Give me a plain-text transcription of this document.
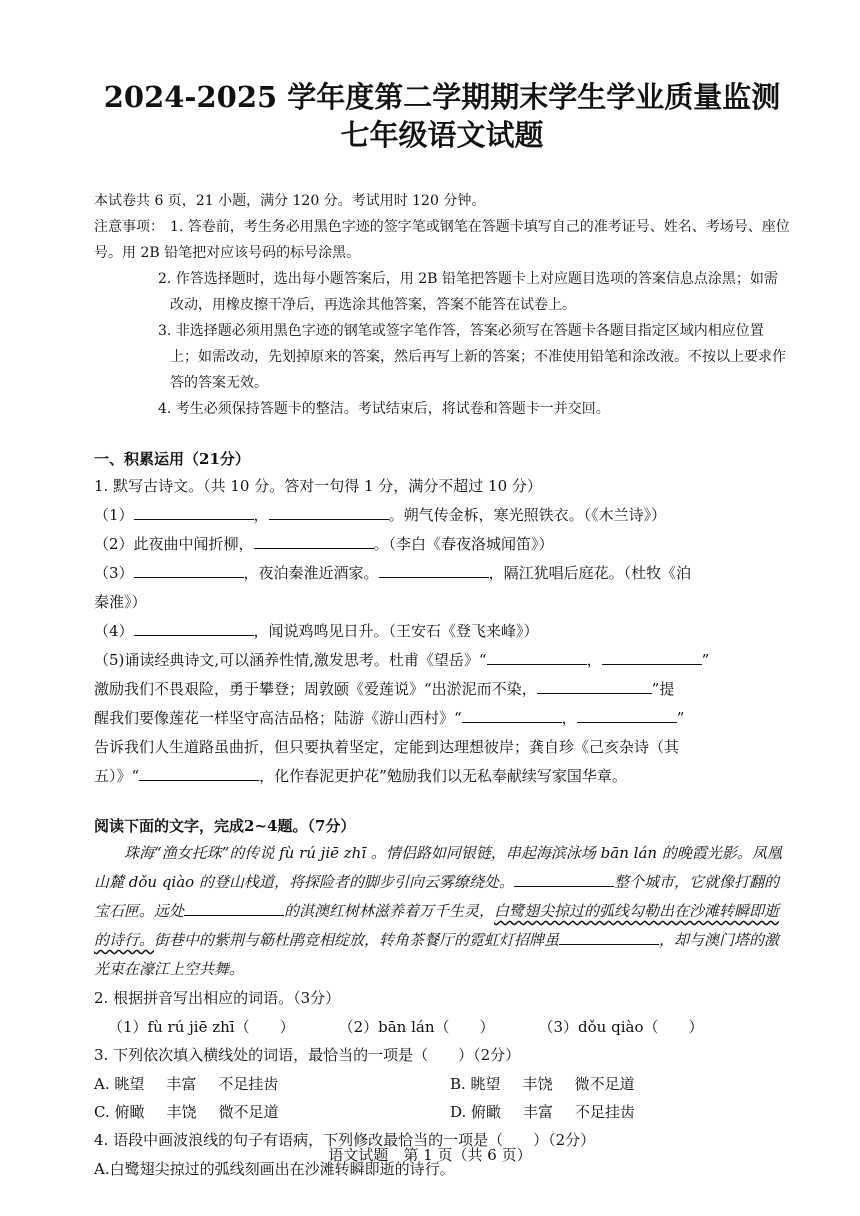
2024-2025 学年度第二学期期末学生学业质量监测
七年级语文试题
本试卷共 6 页，21 小题，满分 120 分。考试用时 120 分钟。
注意事项： 1. 答卷前，考生务必用黑色字迹的签字笔或钢笔在答题卡填写自己的准考证号、姓名、考场号、座位号。用 2B 铅笔把对应该号码的标号涂黑。
2. 作答选择题时，选出每小题答案后，用 2B 铅笔把答题卡上对应题目选项的答案信息点涂黑；如需改动，用橡皮擦干净后，再选涂其他答案，答案不能答在试卷上。
3. 非选择题必须用黑色字迹的钢笔或签字笔作答，答案必须写在答题卡各题目指定区域内相应位置上；如需改动，先划掉原来的答案，然后再写上新的答案；不准使用铅笔和涂改液。不按以上要求作答的答案无效。
4. 考生必须保持答题卡的整洁。考试结束后，将试卷和答题卡一并交回。
一、积累运用（21分）
1. 默写古诗文。（共 10 分。答对一句得 1 分，满分不超过 10 分）
（1）	，	。朔气传金柝，寒光照铁衣。（《木兰诗》）
（2）此夜曲中闻折柳，	。（李白《春夜洛城闻笛》）
（3）	，夜泊秦淮近酒家。	，隔江犹唱后庭花。（杜牧《泊
秦淮》）
（4）	，闻说鸡鸣见日升。（王安石《登飞来峰》）
（5)诵读经典诗文,可以涵养性情,激发思考。杜甫《望岳》“	，	”
激励我们不畏艰险，勇于攀登；周敦颐《爱莲说》“出淤泥而不染，	”提
醒我们要像莲花一样坚守高洁品格；陆游《游山西村》“	，	”
告诉我们人生道路虽曲折，但只要执着坚定，定能到达理想彼岸；龚自珍《己亥杂诗（其
五）》“	，化作春泥更护花”勉励我们以无私奉献续写家国华章。
阅读下面的文字，完成2~4题。（7分）
珠海“渔女托珠”的传说 fù rú jiē zhī 。情侣路如同银链，串起海滨泳场 bān lán 的晚霞光影。凤凰山麓 dǒu qiào 的登山栈道，将探险者的脚步引向云雾缭绕处。	整个城市，它就像打翻的宝石匣。远处	的淇澳红树林滋养着万千生灵，白鹭翅尖掠过的弧线勾勒出在沙滩转瞬即逝的诗行。街巷中的紫荆与簕杜鹃竞相绽放，转角茶餐厅的霓虹灯招牌虽	，却与澳门塔的激光束在濠江上空共舞。
2. 根据拼音写出相应的词语。（3分）
（1）fù rú jiē zhī（　　）	（2）bān lán（　　）	（3）dǒu qiào（　　）
3. 下列依次填入横线处的词语，最恰当的一项是（　　）（2分）
A. 眺望 丰富 不足挂齿	B. 眺望 丰饶 微不足道
C. 俯瞰 丰饶 微不足道	D. 俯瞰 丰富 不足挂齿
4. 语段中画波浪线的句子有语病，下列修改最恰当的一项是（　　）（2分）
A.白鹭翅尖掠过的弧线刻画出在沙滩转瞬即逝的诗行。
语文试题　第 1 页（共 6 页）
